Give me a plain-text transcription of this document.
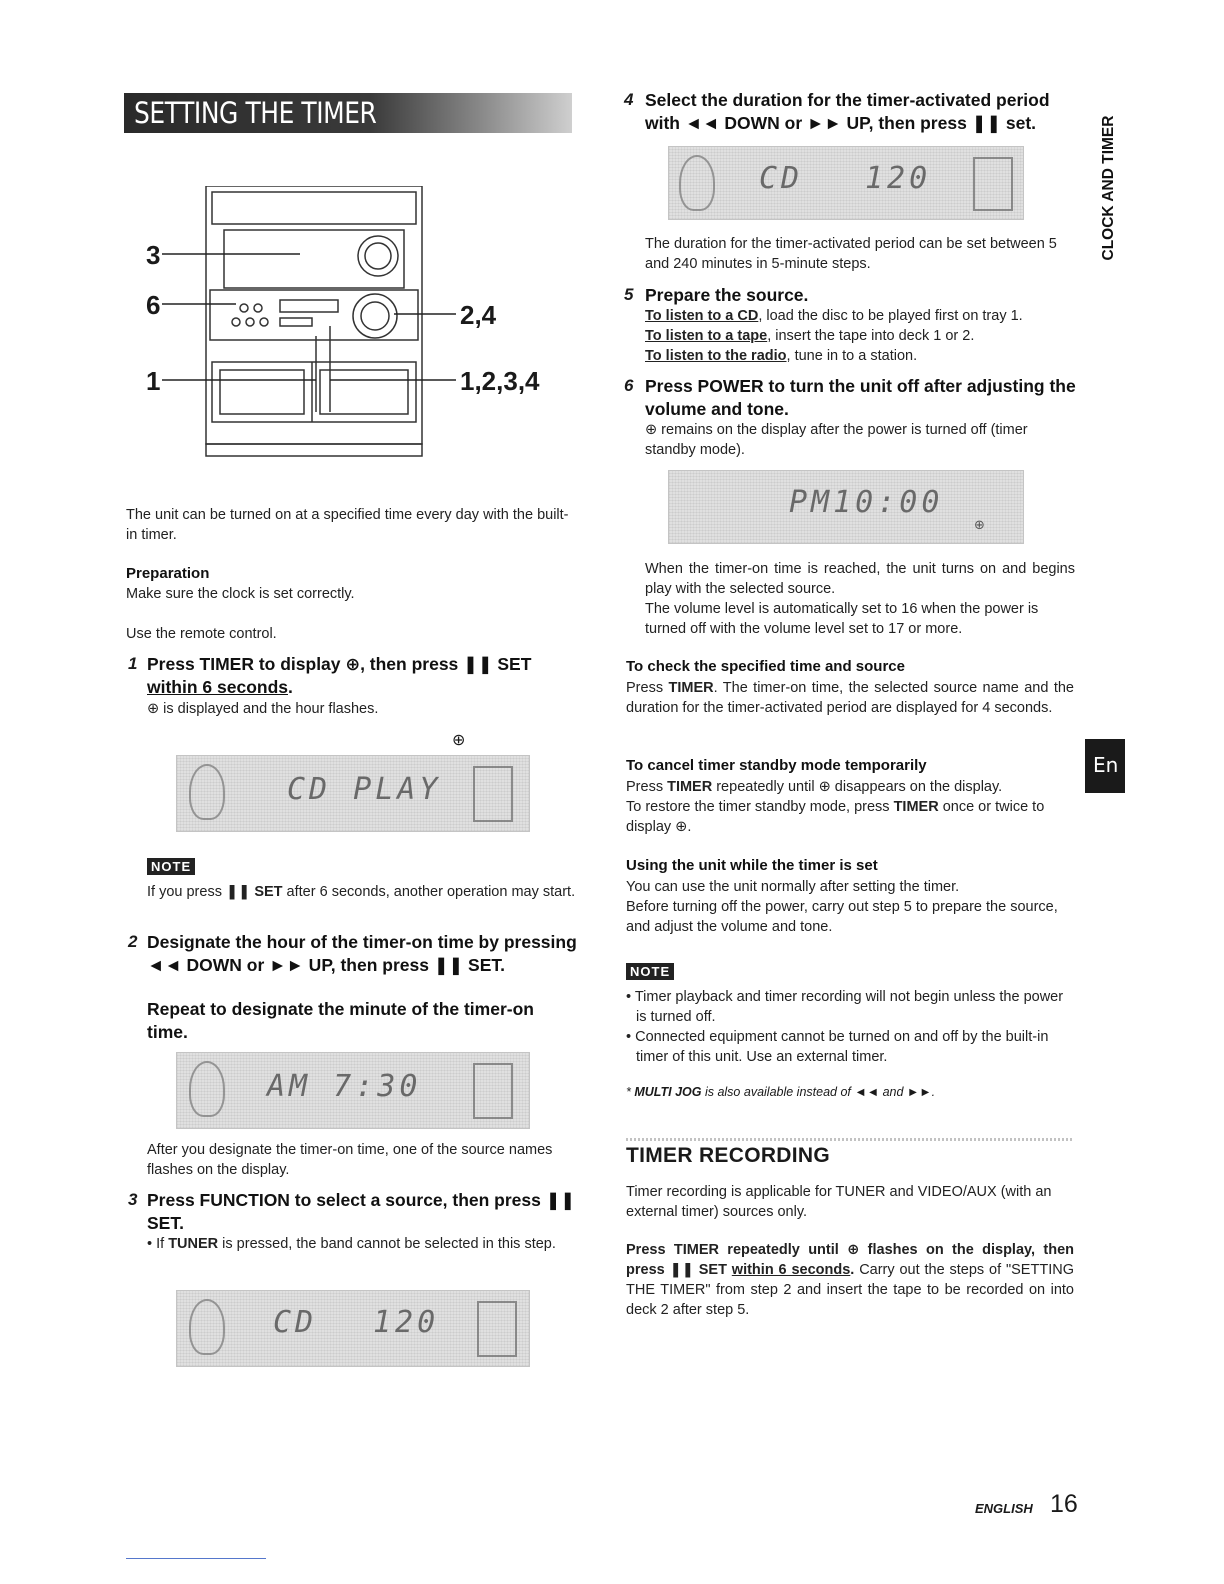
SETTING THE TIMER
3
6
1
2,4
1,2,3,4
The unit can be turned on at a specified time every day with the built-in timer.
Preparation
Make sure the clock is set correctly.
Use the remote control.
1 Press TIMER to display ⊕, then press ❚❚ SET
within 6 seconds.
⊕ is displayed and the hour flashes.
CD PLAY
⊕
NOTE
If you press ❚❚ SET after 6 seconds, another operation may start.
2 Designate the hour of the timer-on time by pressing ◄◄ DOWN or ►► UP, then press ❚❚ SET.
Repeat to designate the minute of the timer-on time.
AM 7:30
After you designate the timer-on time, one of the source names flashes on the display.
3 Press FUNCTION to select a source, then press ❚❚ SET.
• If TUNER is pressed, the band cannot be selected in this step.
CD 120
4 Select the duration for the timer-activated period with ◄◄ DOWN or ►► UP, then press ❚❚ set.
CD 120
The duration for the timer-activated period can be set between 5 and 240 minutes in 5-minute steps.
5 Prepare the source.
To listen to a CD, load the disc to be played first on tray 1.
To listen to a tape, insert the tape into deck 1 or 2.
To listen to the radio, tune in to a station.
6 Press POWER to turn the unit off after adjusting the volume and tone.
⊕ remains on the display after the power is turned off (timer standby mode).
PM10:00
⊕
When the timer-on time is reached, the unit turns on and begins play with the selected source.
The volume level is automatically set to 16 when the power is turned off with the volume level set to 17 or more.
To check the specified time and source
Press TIMER. The timer-on time, the selected source name and the duration for the timer-activated period are displayed for 4 seconds.
To cancel timer standby mode temporarily
Press TIMER repeatedly until ⊕ disappears on the display.
To restore the timer standby mode, press TIMER once or twice to display ⊕.
Using the unit while the timer is set
You can use the unit normally after setting the timer.
Before turning off the power, carry out step 5 to prepare the source, and adjust the volume and tone.
NOTE
• Timer playback and timer recording will not begin unless the power is turned off.
• Connected equipment cannot be turned on and off by the built-in timer of this unit. Use an external timer.
* MULTI JOG is also available instead of ◄◄ and ►►.
TIMER RECORDING
Timer recording is applicable for TUNER and VIDEO/AUX (with an external timer) sources only.
Press TIMER repeatedly until ⊕ flashes on the display, then press ❚❚ SET within 6 seconds. Carry out the steps of "SETTING THE TIMER" from step 2 and insert the tape to be recorded on into deck 2 after step 5.
CLOCK AND TIMER
En
ENGLISH 16
